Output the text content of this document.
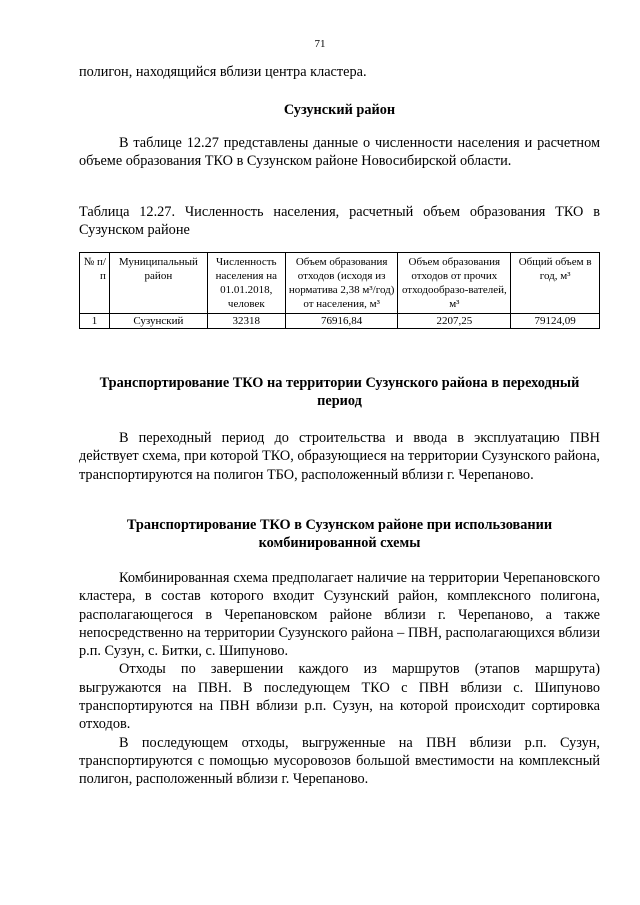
71

полигон, находящийся вблизи центра кластера.

Сузунский район

В таблице 12.27 представлены данные о численности населения и расчетном объеме образования ТКО в Сузунском районе Новосибирской области.

Таблица 12.27. Численность населения, расчетный объем образования ТКО в Сузунском районе

№ п/п	Муниципальный район	Численность населения на 01.01.2018, человек	Объем образования отходов (исходя из норматива 2,38 м³/год) от населения, м³	Объем образования отходов от прочих отходообразо-вателей, м³	Общий объем в год, м³
1	Сузунский	32318	76916,84	2207,25	79124,09
Транспортирование ТКО на территории Сузунского района в переходный период

В переходный период до строительства и ввода в эксплуатацию ПВН действует схема, при которой ТКО, образующиеся на территории Сузунского района, транспортируются на полигон ТБО, расположенный вблизи г. Черепаново.

Транспортирование ТКО в Сузунском районе при использовании комбинированной схемы

Комбинированная схема предполагает наличие на территории Черепановского кластера, в состав которого входит Сузунский район, комплексного полигона, располагающегося в Черепановском районе вблизи г. Черепаново, а также непосредственно на территории Сузунского района – ПВН, располагающихся вблизи р.п. Сузун, с. Битки, с. Шипуново.

Отходы по завершении каждого из маршрутов (этапов маршрута) выгружаются на ПВН. В последующем ТКО с ПВН вблизи с. Шипуново транспортируются на ПВН вблизи р.п. Сузун, на которой происходит сортировка отходов.

В последующем отходы, выгруженные на ПВН вблизи р.п. Сузун, транспортируются с помощью мусоровозов большой вместимости на комплексный полигон, расположенный вблизи г. Черепаново.
